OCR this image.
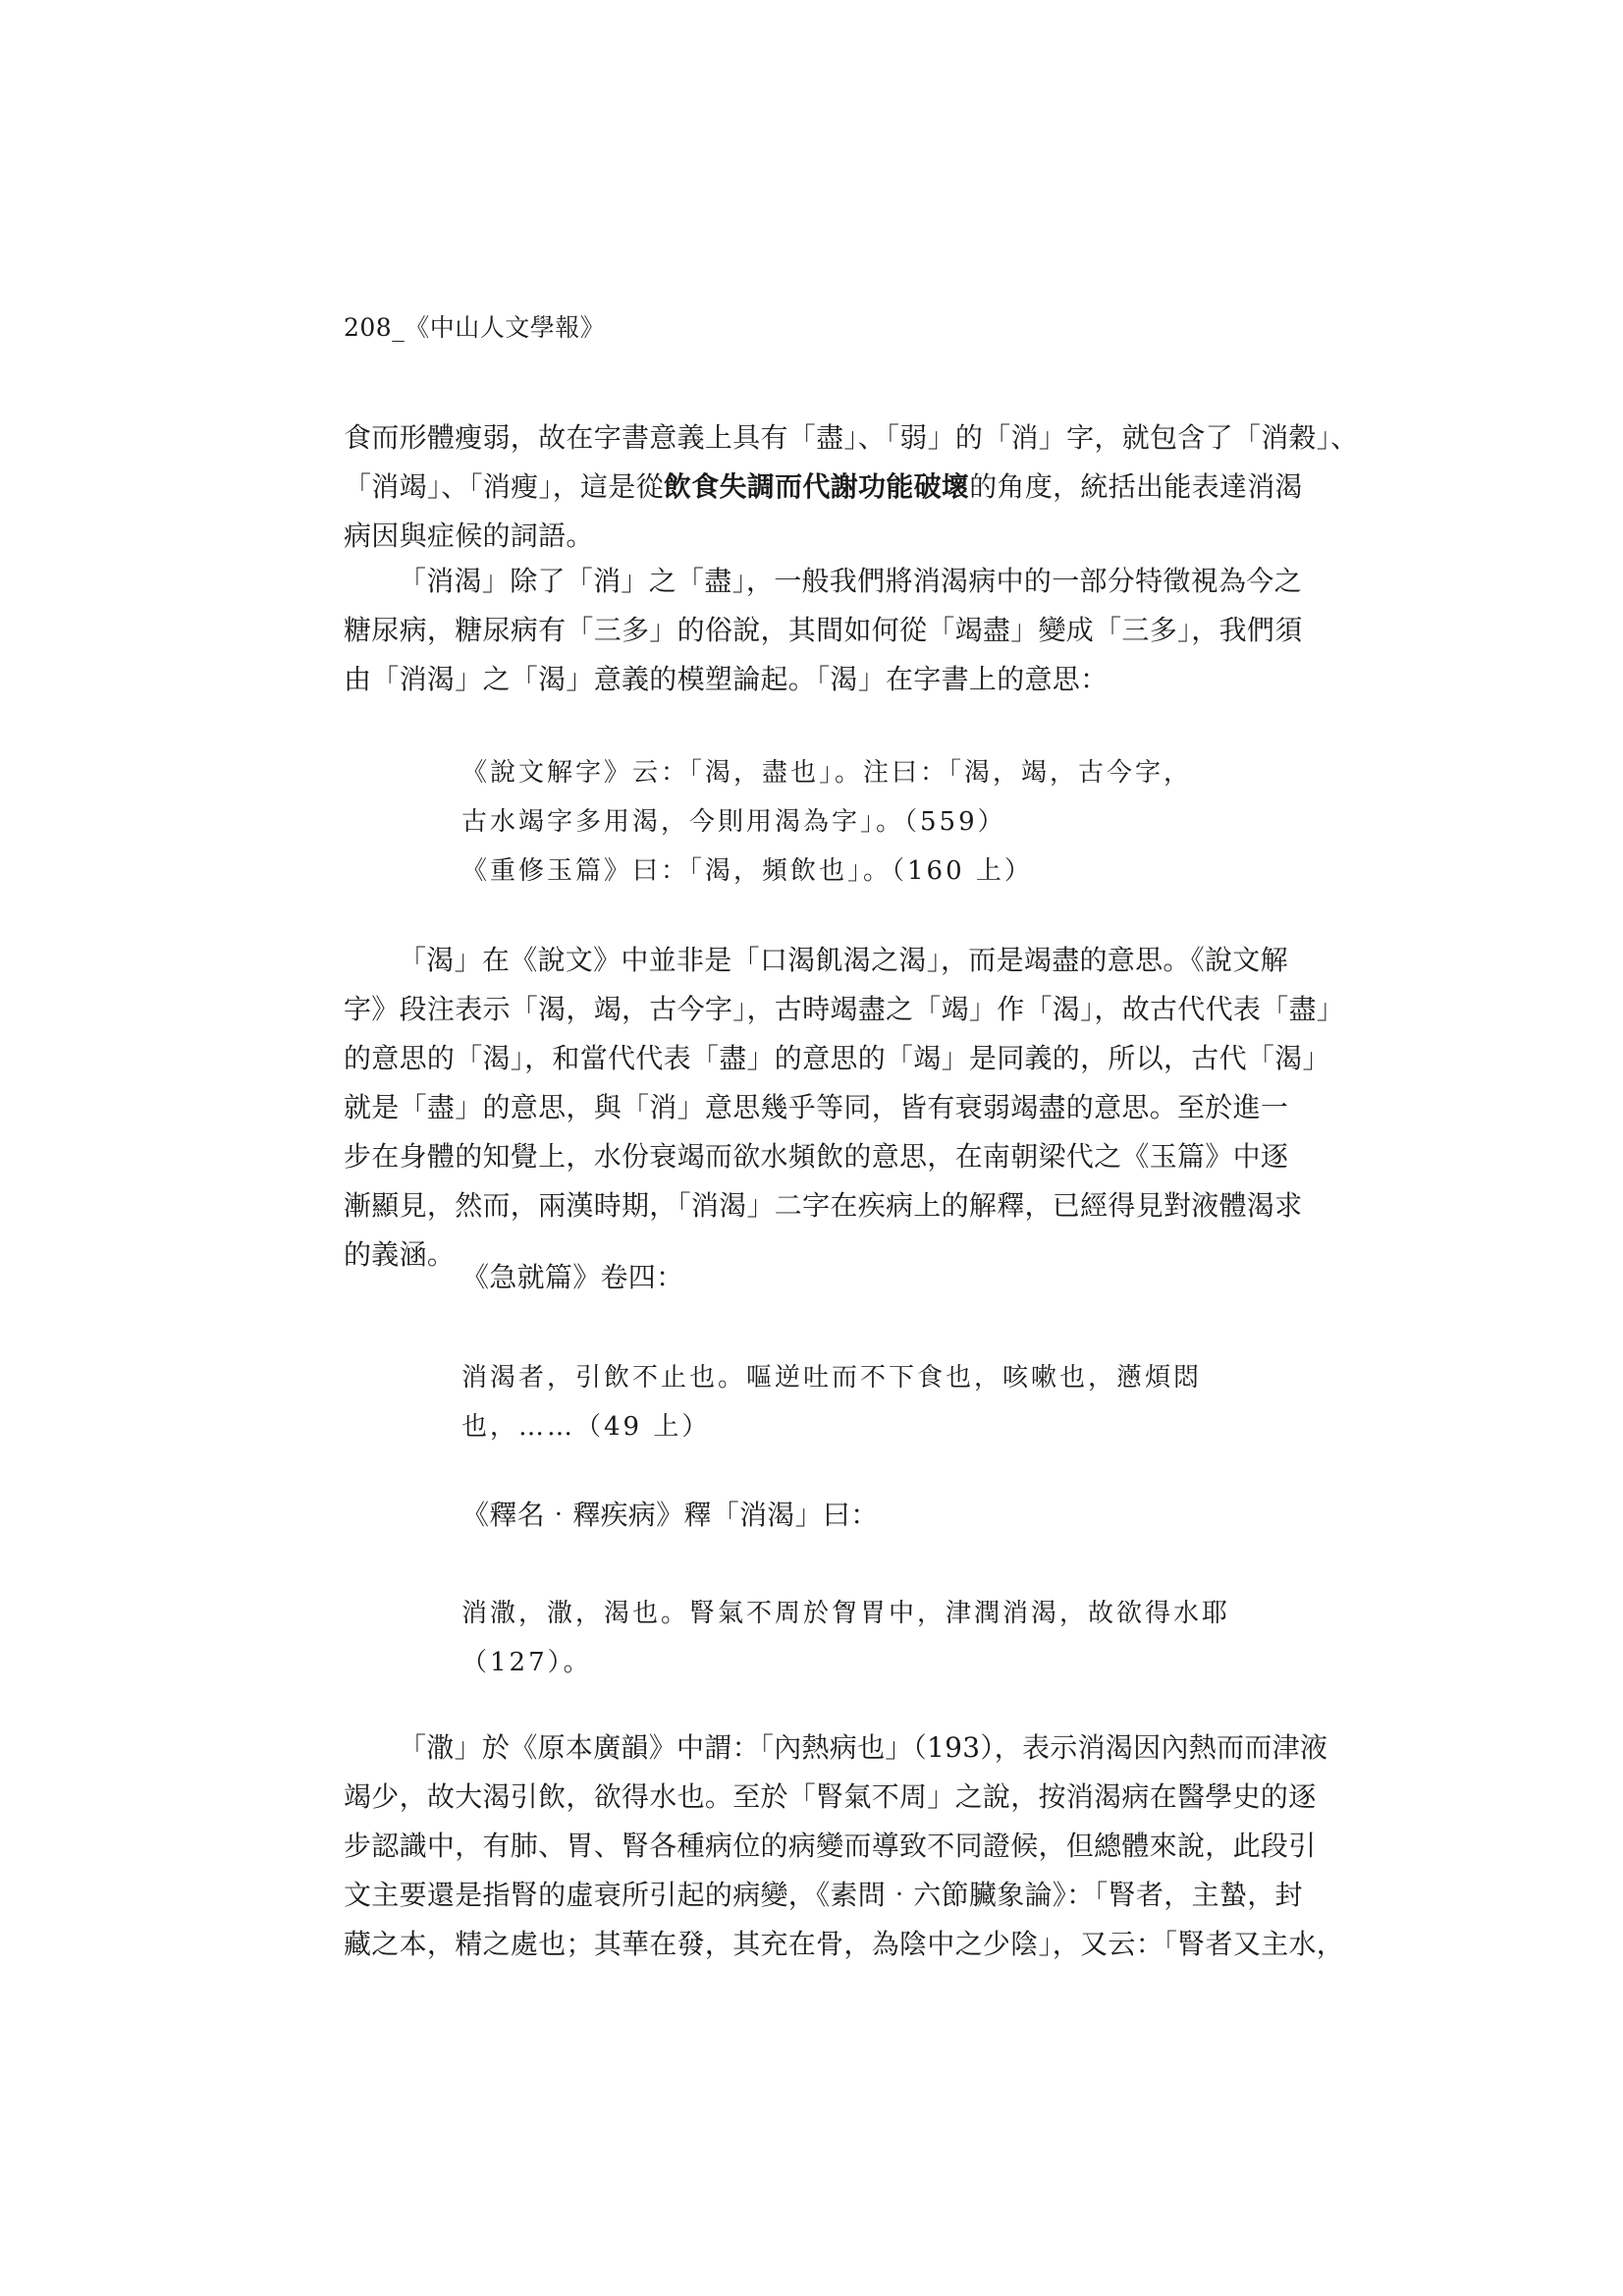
208_《中山人文學報》
食而形體瘦弱，故在字書意義上具有「盡」、「弱」的「消」字，就包含了「消穀」、
「消竭」、「消瘦」，這是從飲食失調而代謝功能破壞的角度，統括出能表達消渴
病因與症候的詞語。
「消渴」除了「消」之「盡」，一般我們將消渴病中的一部分特徵視為今之
糖尿病，糖尿病有「三多」的俗說，其間如何從「竭盡」變成「三多」，我們須
由「消渴」之「渴」意義的模塑論起。「渴」在字書上的意思：
《說文解字》云：「渴，盡也」。注曰：「渴，竭，古今字，
古水竭字多用渴，今則用渴為字」。（559）
《重修玉篇》曰：「渴，頻飲也」。（160 上）
「渴」在《說文》中並非是「口渴飢渴之渴」，而是竭盡的意思。《說文解
字》段注表示「渴，竭，古今字」，古時竭盡之「竭」作「渴」，故古代代表「盡」
的意思的「渴」，和當代代表「盡」的意思的「竭」是同義的，所以，古代「渴」
就是「盡」的意思，與「消」意思幾乎等同，皆有衰弱竭盡的意思。至於進一
步在身體的知覺上，水份衰竭而欲水頻飲的意思，在南朝梁代之《玉篇》中逐
漸顯見，然而，兩漢時期，「消渴」二字在疾病上的解釋，已經得見對液體渴求
的義涵。
《急就篇》卷四：
消渴者，引飲不止也。嘔逆吐而不下食也，咳嗽也，懣煩悶
也，……（49 上）
《釋名‧釋疾病》釋「消渴」曰：
消潵，潵，渴也。腎氣不周於胷胃中，津潤消渴，故欲得水耶
（127）。
「潵」於《原本廣韻》中謂：「內熱病也」（193），表示消渴因內熱而而津液
竭少，故大渴引飲，欲得水也。至於「腎氣不周」之說，按消渴病在醫學史的逐
步認識中，有肺、胃、腎各種病位的病變而導致不同證候，但總體來說，此段引
文主要還是指腎的虛衰所引起的病變，《素問‧六節臟象論》：「腎者，主蟄，封
藏之本，精之處也；其華在發，其充在骨，為陰中之少陰」，又云：「腎者又主水，
